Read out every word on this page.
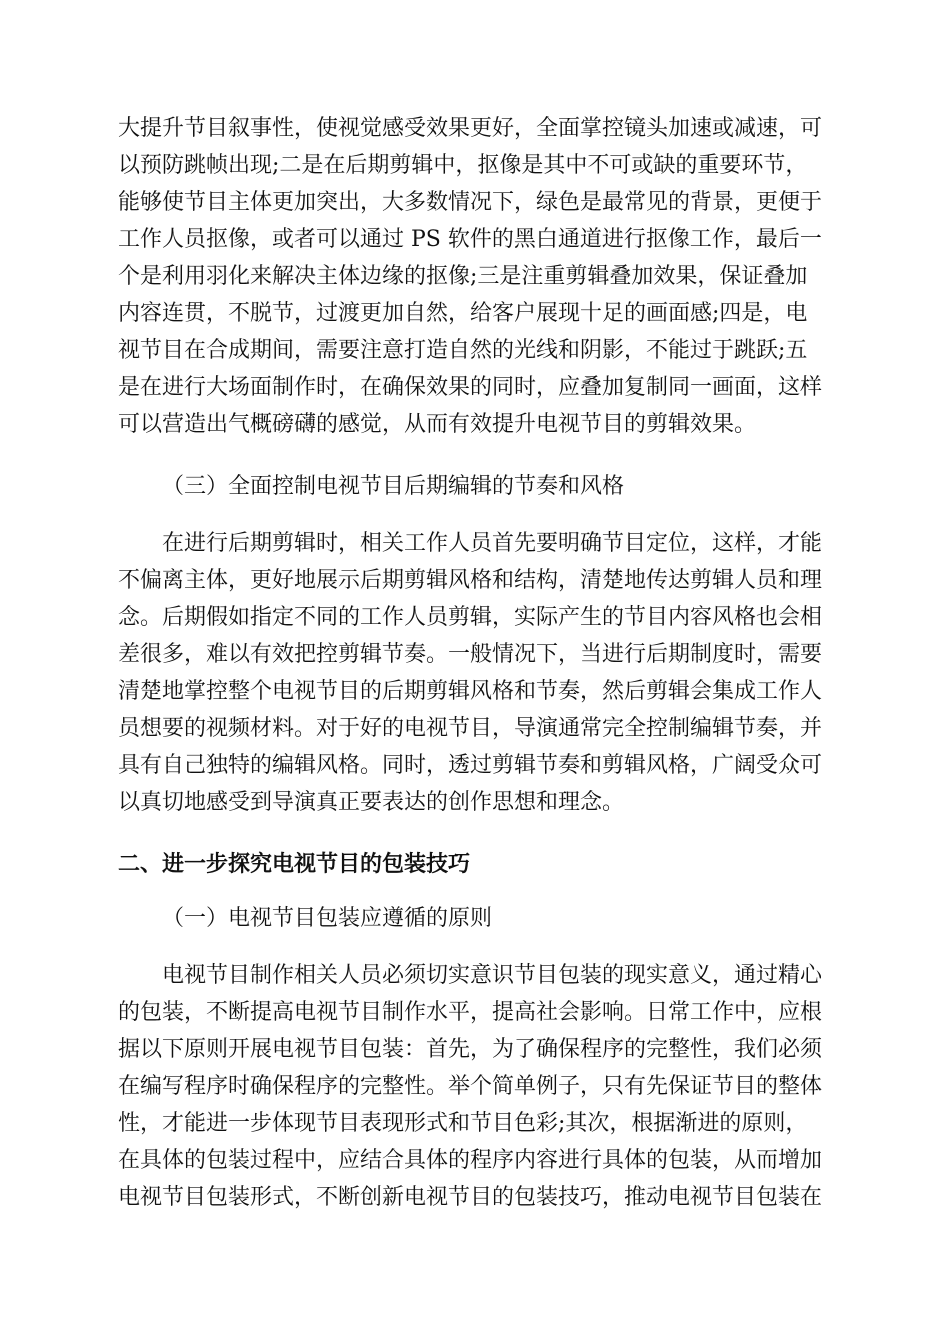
大提升节目叙事性，使视觉感受效果更好，全面掌控镜头加速或减速，可
以预防跳帧出现;二是在后期剪辑中，抠像是其中不可或缺的重要环节，
能够使节目主体更加突出，大多数情况下，绿色是最常见的背景，更便于
工作人员抠像，或者可以通过 PS 软件的黑白通道进行抠像工作，最后一
个是利用羽化来解决主体边缘的抠像;三是注重剪辑叠加效果，保证叠加
内容连贯，不脱节，过渡更加自然，给客户展现十足的画面感;四是，电
视节目在合成期间，需要注意打造自然的光线和阴影，不能过于跳跃;五
是在进行大场面制作时，在确保效果的同时，应叠加复制同一画面，这样
可以营造出气概磅礴的感觉，从而有效提升电视节目的剪辑效果。
（三）全面控制电视节目后期编辑的节奏和风格
在进行后期剪辑时，相关工作人员首先要明确节目定位，这样，才能
不偏离主体，更好地展示后期剪辑风格和结构，清楚地传达剪辑人员和理
念。后期假如指定不同的工作人员剪辑，实际产生的节目内容风格也会相
差很多，难以有效把控剪辑节奏。一般情况下，当进行后期制度时，需要
清楚地掌控整个电视节目的后期剪辑风格和节奏，然后剪辑会集成工作人
员想要的视频材料。对于好的电视节目，导演通常完全控制编辑节奏，并
具有自己独特的编辑风格。同时，透过剪辑节奏和剪辑风格，广阔受众可
以真切地感受到导演真正要表达的创作思想和理念。
二、进一步探究电视节目的包装技巧
（一）电视节目包装应遵循的原则
电视节目制作相关人员必须切实意识节目包装的现实意义，通过精心
的包装，不断提高电视节目制作水平，提高社会影响。日常工作中，应根
据以下原则开展电视节目包装：首先，为了确保程序的完整性，我们必须
在编写程序时确保程序的完整性。举个简单例子，只有先保证节目的整体
性，才能进一步体现节目表现形式和节目色彩;其次，根据渐进的原则，
在具体的包装过程中，应结合具体的程序内容进行具体的包装，从而增加
电视节目包装形式，不断创新电视节目的包装技巧，推动电视节目包装在
